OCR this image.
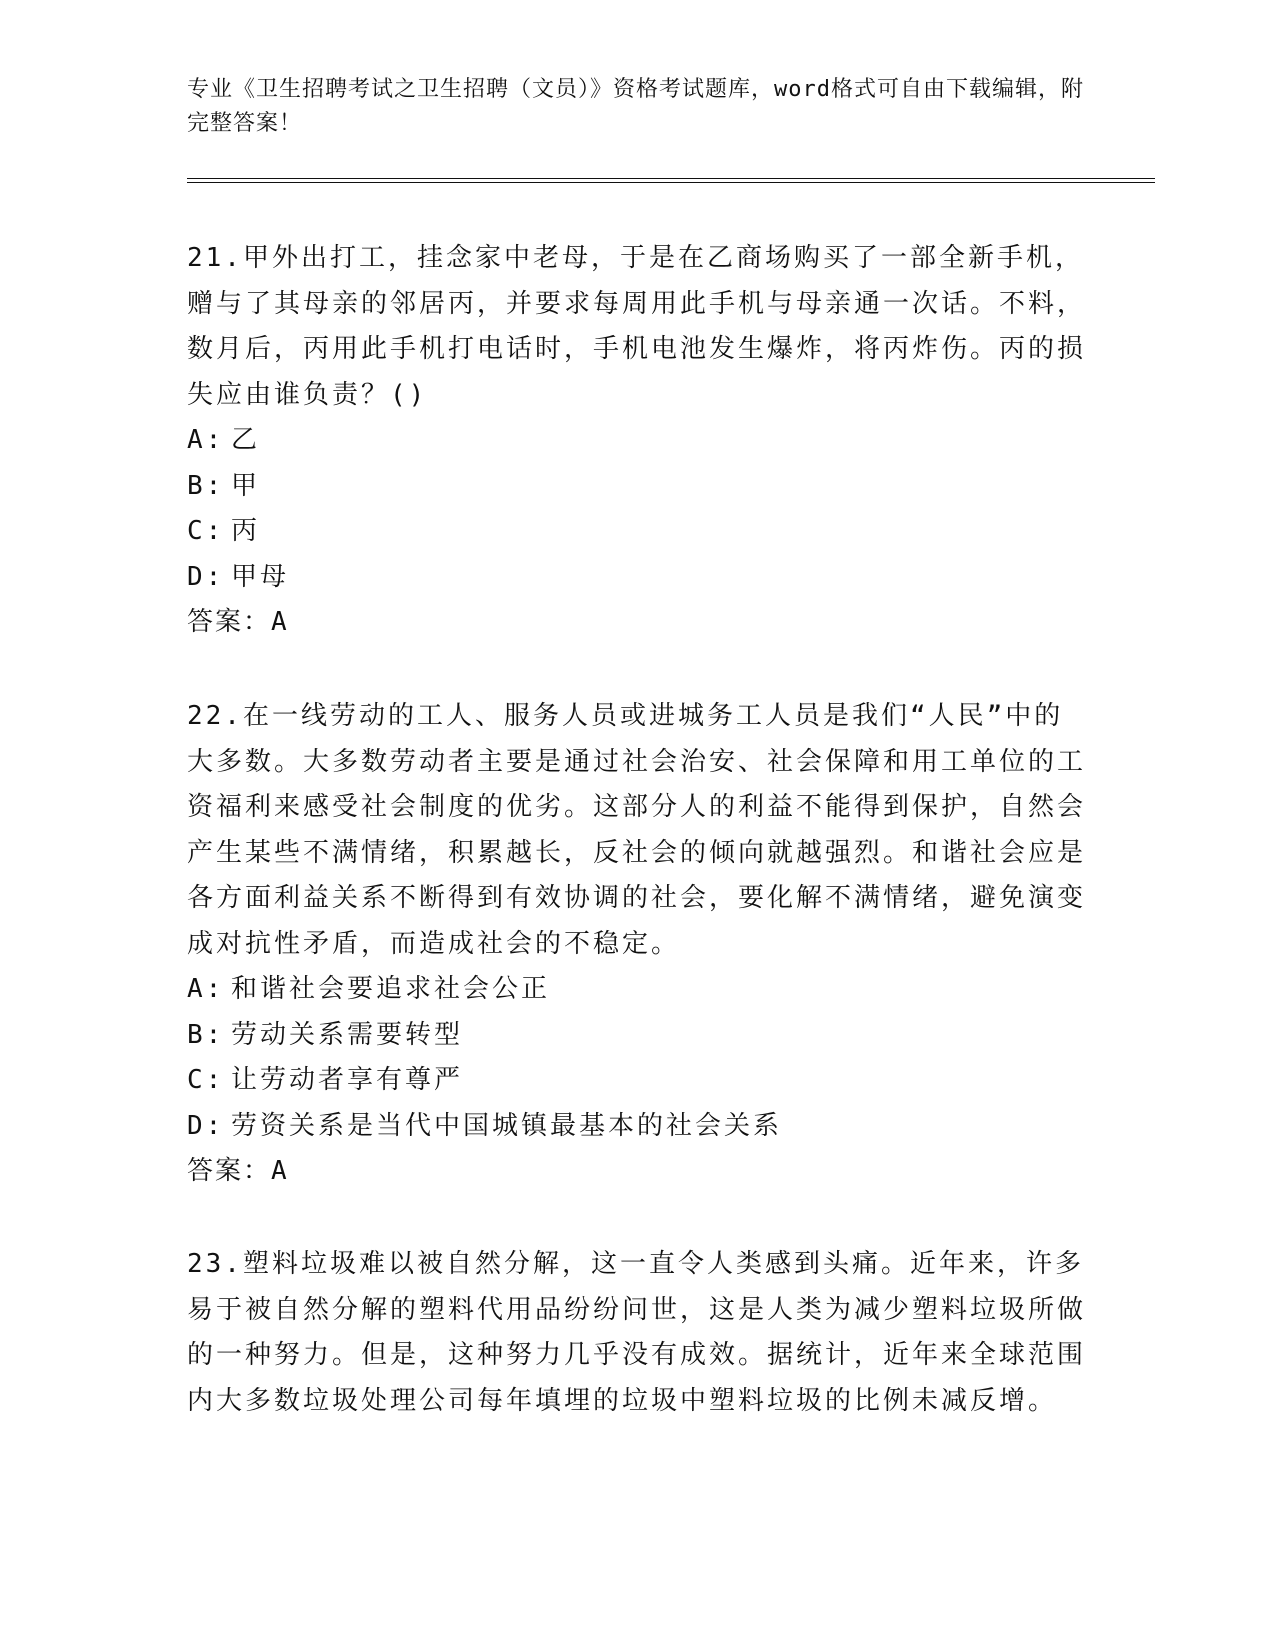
专业《卫生招聘考试之卫生招聘（文员）》资格考试题库，word格式可自由下载编辑，附完整答案！
21.甲外出打工，挂念家中老母，于是在乙商场购买了一部全新手机，赠与了其母亲的邻居丙，并要求每周用此手机与母亲通一次话。不料，数月后，丙用此手机打电话时，手机电池发生爆炸，将丙炸伤。丙的损失应由谁负责？()
A: 乙
B: 甲
C: 丙
D: 甲母
答案：A
22.在一线劳动的工人、服务人员或进城务工人员是我们“人民”中的大多数。大多数劳动者主要是通过社会治安、社会保障和用工单位的工资福利来感受社会制度的优劣。这部分人的利益不能得到保护，自然会产生某些不满情绪，积累越长，反社会的倾向就越强烈。和谐社会应是各方面利益关系不断得到有效协调的社会，要化解不满情绪，避免演变成对抗性矛盾，而造成社会的不稳定。
A: 和谐社会要追求社会公正
B: 劳动关系需要转型
C: 让劳动者享有尊严
D: 劳资关系是当代中国城镇最基本的社会关系
答案：A
23.塑料垃圾难以被自然分解，这一直令人类感到头痛。近年来，许多易于被自然分解的塑料代用品纷纷问世，这是人类为减少塑料垃圾所做的一种努力。但是，这种努力几乎没有成效。据统计，近年来全球范围内大多数垃圾处理公司每年填埋的垃圾中塑料垃圾的比例未减反增。
